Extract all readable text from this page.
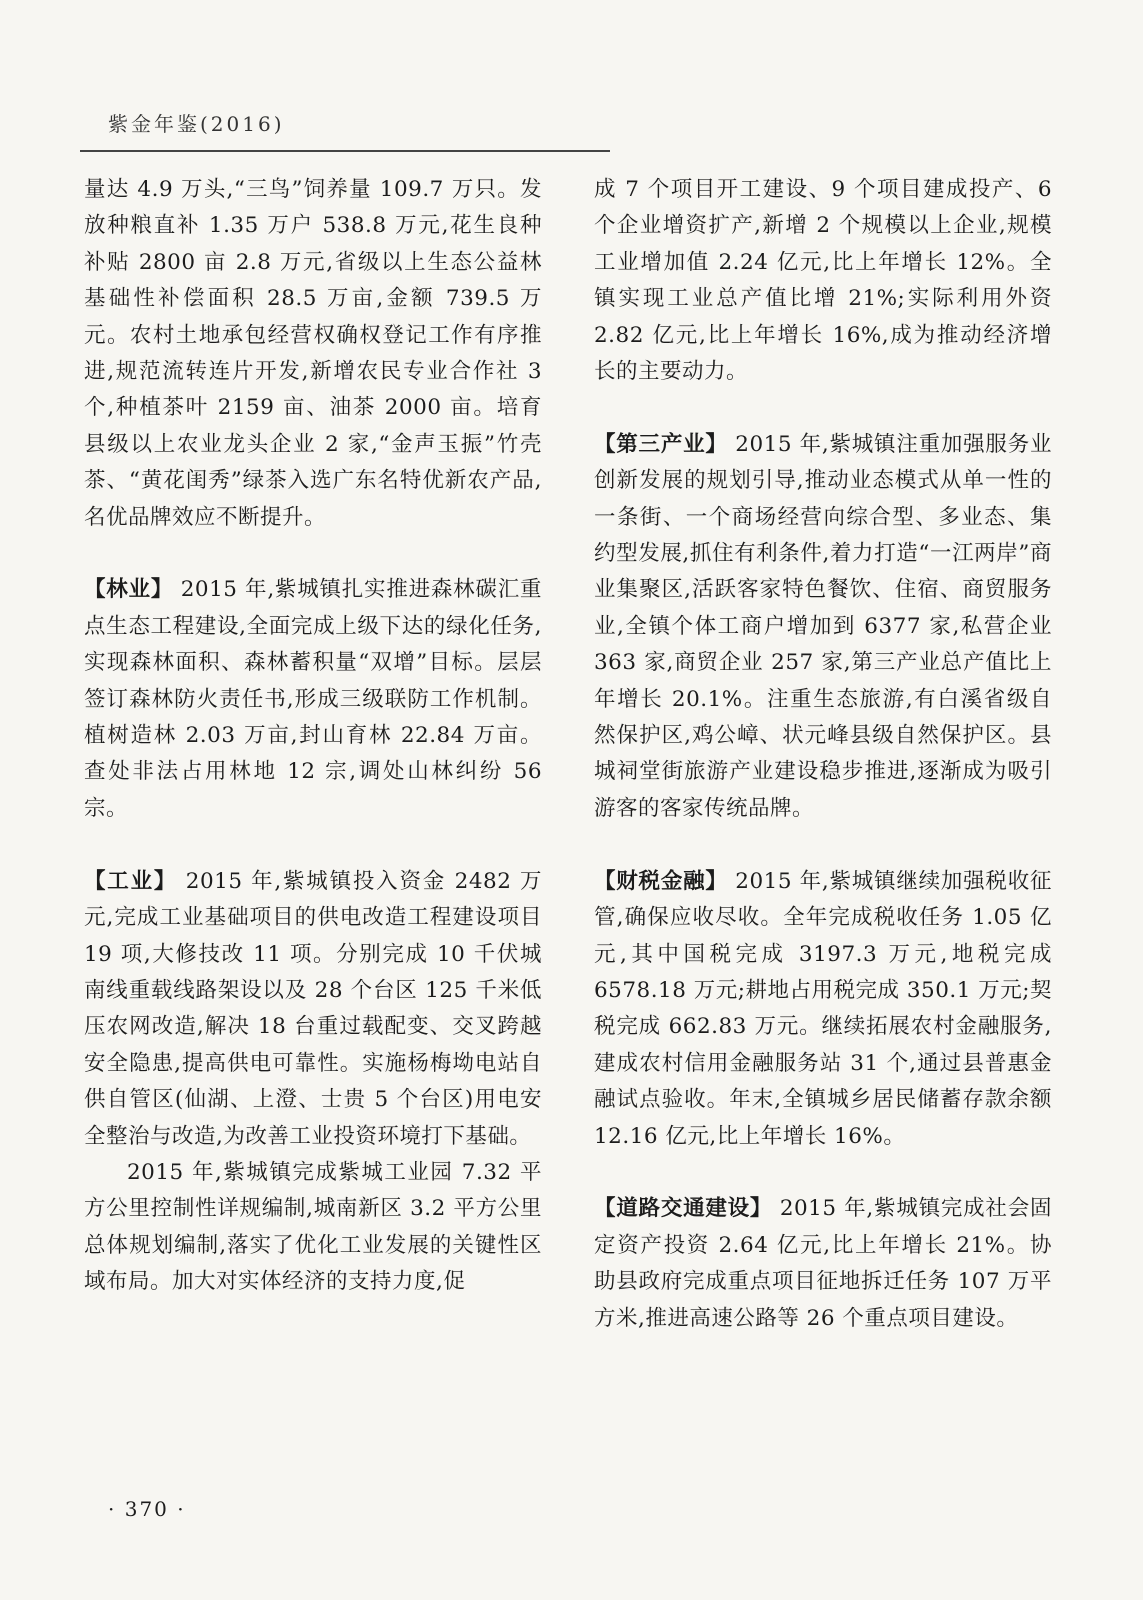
紫金年鉴(2016)

量达 4.9 万头,“三鸟”饲养量 109.7 万只。发放种粮直补 1.35 万户 538.8 万元,花生良种补贴 2800 亩 2.8 万元,省级以上生态公益林基础性补偿面积 28.5 万亩,金额 739.5 万元。农村土地承包经营权确权登记工作有序推进,规范流转连片开发,新增农民专业合作社 3 个,种植茶叶 2159 亩、油茶 2000 亩。培育县级以上农业龙头企业 2 家,“金声玉振”竹壳茶、“黄花闺秀”绿茶入选广东名特优新农产品,名优品牌效应不断提升。

【林业】 2015 年,紫城镇扎实推进森林碳汇重点生态工程建设,全面完成上级下达的绿化任务,实现森林面积、森林蓄积量“双增”目标。层层签订森林防火责任书,形成三级联防工作机制。植树造林 2.03 万亩,封山育林 22.84 万亩。查处非法占用林地 12 宗,调处山林纠纷 56 宗。

【工业】 2015 年,紫城镇投入资金 2482 万元,完成工业基础项目的供电改造工程建设项目 19 项,大修技改 11 项。分别完成 10 千伏城南线重载线路架设以及 28 个台区 125 千米低压农网改造,解决 18 台重过载配变、交叉跨越安全隐患,提高供电可靠性。实施杨梅坳电站自供自管区(仙湖、上澄、士贵 5 个台区)用电安全整治与改造,为改善工业投资环境打下基础。

2015 年,紫城镇完成紫城工业园 7.32 平方公里控制性详规编制,城南新区 3.2 平方公里总体规划编制,落实了优化工业发展的关键性区域布局。加大对实体经济的支持力度,促

成 7 个项目开工建设、9 个项目建成投产、6 个企业增资扩产,新增 2 个规模以上企业,规模工业增加值 2.24 亿元,比上年增长 12%。全镇实现工业总产值比增 21%;实际利用外资 2.82 亿元,比上年增长 16%,成为推动经济增长的主要动力。

【第三产业】 2015 年,紫城镇注重加强服务业创新发展的规划引导,推动业态模式从单一性的一条街、一个商场经营向综合型、多业态、集约型发展,抓住有利条件,着力打造“一江两岸”商业集聚区,活跃客家特色餐饮、住宿、商贸服务业,全镇个体工商户增加到 6377 家,私营企业 363 家,商贸企业 257 家,第三产业总产值比上年增长 20.1%。注重生态旅游,有白溪省级自然保护区,鸡公嶂、状元峰县级自然保护区。县城祠堂街旅游产业建设稳步推进,逐渐成为吸引游客的客家传统品牌。

【财税金融】 2015 年,紫城镇继续加强税收征管,确保应收尽收。全年完成税收任务 1.05 亿元,其中国税完成 3197.3 万元,地税完成 6578.18 万元;耕地占用税完成 350.1 万元;契税完成 662.83 万元。继续拓展农村金融服务,建成农村信用金融服务站 31 个,通过县普惠金融试点验收。年末,全镇城乡居民储蓄存款余额 12.16 亿元,比上年增长 16%。

【道路交通建设】 2015 年,紫城镇完成社会固定资产投资 2.64 亿元,比上年增长 21%。协助县政府完成重点项目征地拆迁任务 107 万平方米,推进高速公路等 26 个重点项目建设。

· 370 ·
